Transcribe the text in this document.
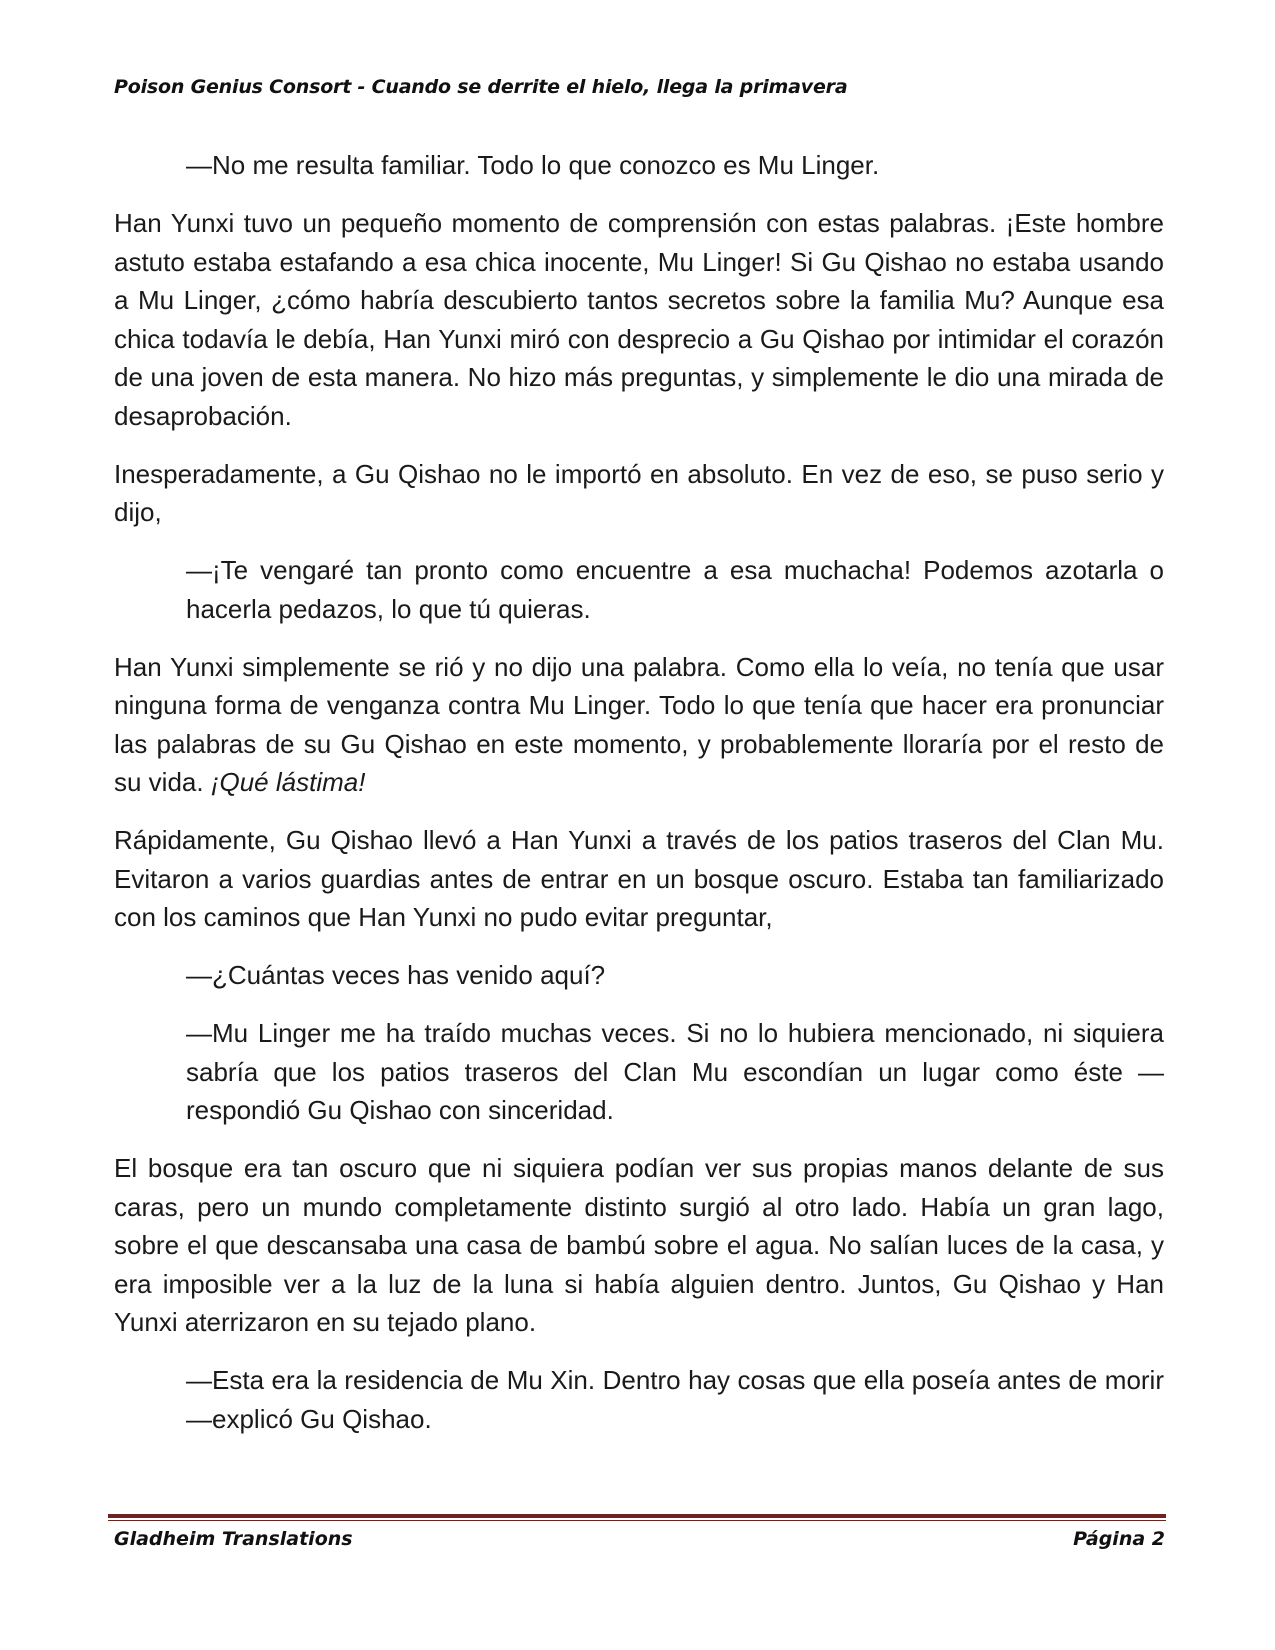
Poison Genius Consort - Cuando se derrite el hielo, llega la primavera

—No me resulta familiar. Todo lo que conozco es Mu Linger.

Han Yunxi tuvo un pequeño momento de comprensión con estas palabras. ¡Este hombre astuto estaba estafando a esa chica inocente, Mu Linger! Si Gu Qishao no estaba usando a Mu Linger, ¿cómo habría descubierto tantos secretos sobre la familia Mu? Aunque esa chica todavía le debía, Han Yunxi miró con desprecio a Gu Qishao por intimidar el corazón de una joven de esta manera. No hizo más preguntas, y simplemente le dio una mirada de desaprobación.

Inesperadamente, a Gu Qishao no le importó en absoluto. En vez de eso, se puso serio y dijo,

—¡Te vengaré tan pronto como encuentre a esa muchacha! Podemos azotarla o hacerla pedazos, lo que tú quieras.

Han Yunxi simplemente se rió y no dijo una palabra. Como ella lo veía, no tenía que usar ninguna forma de venganza contra Mu Linger. Todo lo que tenía que hacer era pronunciar las palabras de su Gu Qishao en este momento, y probablemente lloraría por el resto de su vida. ¡Qué lástima!

Rápidamente, Gu Qishao llevó a Han Yunxi a través de los patios traseros del Clan Mu. Evitaron a varios guardias antes de entrar en un bosque oscuro. Estaba tan familiarizado con los caminos que Han Yunxi no pudo evitar preguntar,

—¿Cuántas veces has venido aquí?

—Mu Linger me ha traído muchas veces. Si no lo hubiera mencionado, ni siquiera sabría que los patios traseros del Clan Mu escondían un lugar como éste —respondió Gu Qishao con sinceridad.

El bosque era tan oscuro que ni siquiera podían ver sus propias manos delante de sus caras, pero un mundo completamente distinto surgió al otro lado. Había un gran lago, sobre el que descansaba una casa de bambú sobre el agua. No salían luces de la casa, y era imposible ver a la luz de la luna si había alguien dentro. Juntos, Gu Qishao y Han Yunxi aterrizaron en su tejado plano.

—Esta era la residencia de Mu Xin. Dentro hay cosas que ella poseía antes de morir —explicó Gu Qishao.

Gladheim Translations	Página 2
